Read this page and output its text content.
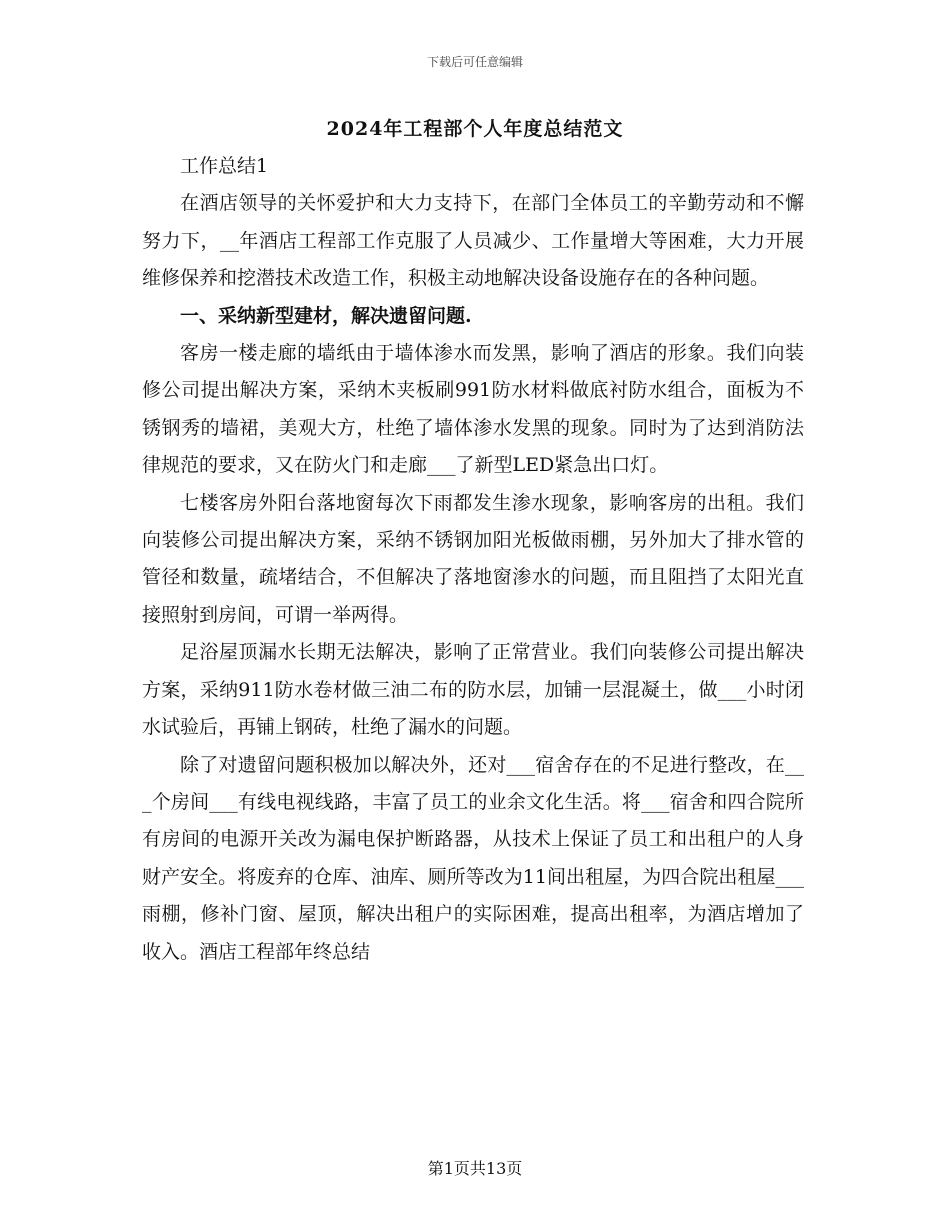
下载后可任意编辑
2024年工程部个人年度总结范文

工作总结1

在酒店领导的关怀爱护和大力支持下，在部门全体员工的辛勤劳动和不懈努力下，__年酒店工程部工作克服了人员减少、工作量增大等困难，大力开展维修保养和挖潜技术改造工作，积极主动地解决设备设施存在的各种问题。

一、采纳新型建材，解决遗留问题.

客房一楼走廊的墙纸由于墙体渗水而发黑，影响了酒店的形象。我们向装修公司提出解决方案，采纳木夹板刷991防水材料做底衬防水组合，面板为不锈钢秀的墙裙，美观大方，杜绝了墙体渗水发黑的现象。同时为了达到消防法律规范的要求，又在防火门和走廊___了新型LED紧急出口灯。

七楼客房外阳台落地窗每次下雨都发生渗水现象，影响客房的出租。我们向装修公司提出解决方案，采纳不锈钢加阳光板做雨棚，另外加大了排水管的管径和数量，疏堵结合，不但解决了落地窗渗水的问题，而且阻挡了太阳光直接照射到房间，可谓一举两得。

足浴屋顶漏水长期无法解决，影响了正常营业。我们向装修公司提出解决方案，采纳911防水卷材做三油二布的防水层，加铺一层混凝土，做___小时闭水试验后，再铺上钢砖，杜绝了漏水的问题。

除了对遗留问题积极加以解决外，还对___宿舍存在的不足进行整改，在___个房间___有线电视线路，丰富了员工的业余文化生活。将___宿舍和四合院所有房间的电源开关改为漏电保护断路器，从技术上保证了员工和出租户的人身财产安全。将废弃的仓库、油库、厕所等改为11间出租屋，为四合院出租屋___雨棚，修补门窗、屋顶，解决出租户的实际困难，提高出租率，为酒店增加了收入。酒店工程部年终总结

第1页共13页
